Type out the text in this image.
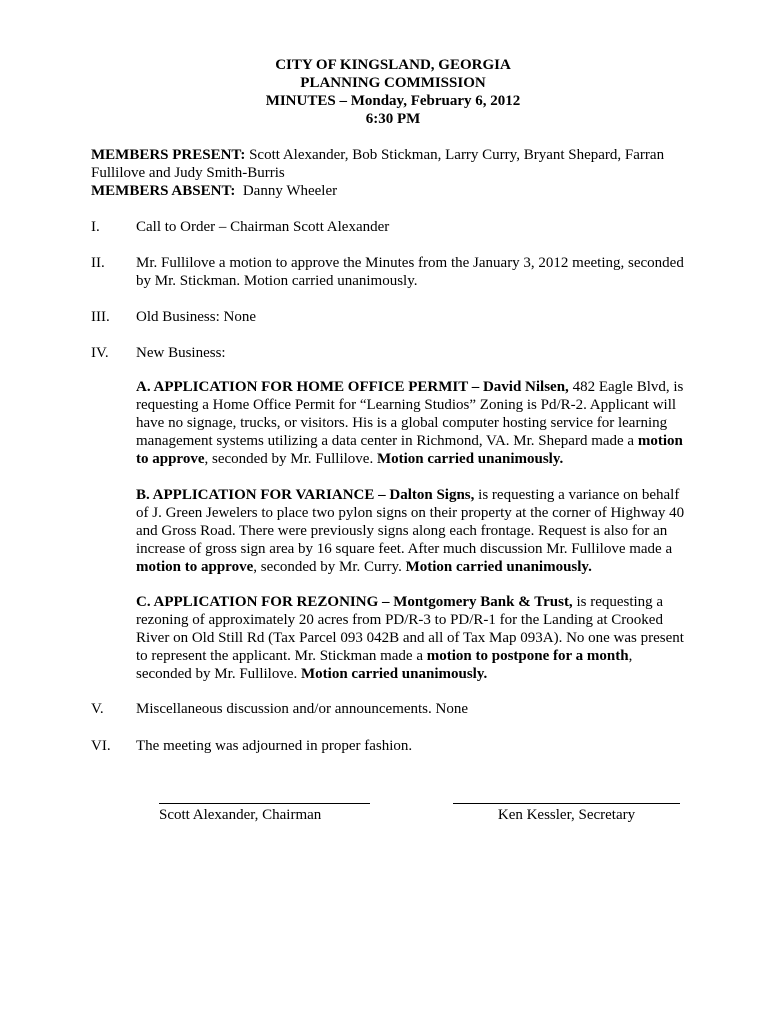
CITY OF KINGSLAND, GEORGIA
PLANNING COMMISSION
MINUTES – Monday, February 6, 2012
6:30 PM

MEMBERS PRESENT: Scott Alexander, Bob Stickman, Larry Curry, Bryant Shepard, Farran

Fullilove and Judy Smith-Burris

MEMBERS ABSENT:  Danny Wheeler

I.	Call to Order – Chairman Scott Alexander
II.	Mr. Fullilove a motion to approve the Minutes from the January 3, 2012 meeting, seconded
by Mr. Stickman. Motion carried unanimously.
III.	Old Business: None
IV.	New Business:
A. APPLICATION FOR HOME OFFICE PERMIT – David Nilsen, 482 Eagle Blvd, is
requesting a Home Office Permit for “Learning Studios” Zoning is Pd/R-2. Applicant will
have no signage, trucks, or visitors. His is a global computer hosting service for learning
management systems utilizing a data center in Richmond, VA. Mr. Shepard made a motion
to approve, seconded by Mr. Fullilove. Motion carried unanimously.
B. APPLICATION FOR VARIANCE – Dalton Signs, is requesting a variance on behalf
of J. Green Jewelers to place two pylon signs on their property at the corner of Highway 40
and Gross Road. There were previously signs along each frontage. Request is also for an
increase of gross sign area by 16 square feet. After much discussion Mr. Fullilove made a
motion to approve, seconded by Mr. Curry. Motion carried unanimously.
C. APPLICATION FOR REZONING – Montgomery Bank & Trust, is requesting a
rezoning of approximately 20 acres from PD/R-3 to PD/R-1 for the Landing at Crooked
River on Old Still Rd (Tax Parcel 093 042B and all of Tax Map 093A). No one was present
to represent the applicant. Mr. Stickman made a motion to postpone for a month,
seconded by Mr. Fullilove. Motion carried unanimously.
V.	Miscellaneous discussion and/or announcements. None
VI.	The meeting was adjourned in proper fashion.
Scott Alexander, Chairman	Ken Kessler, Secretary
